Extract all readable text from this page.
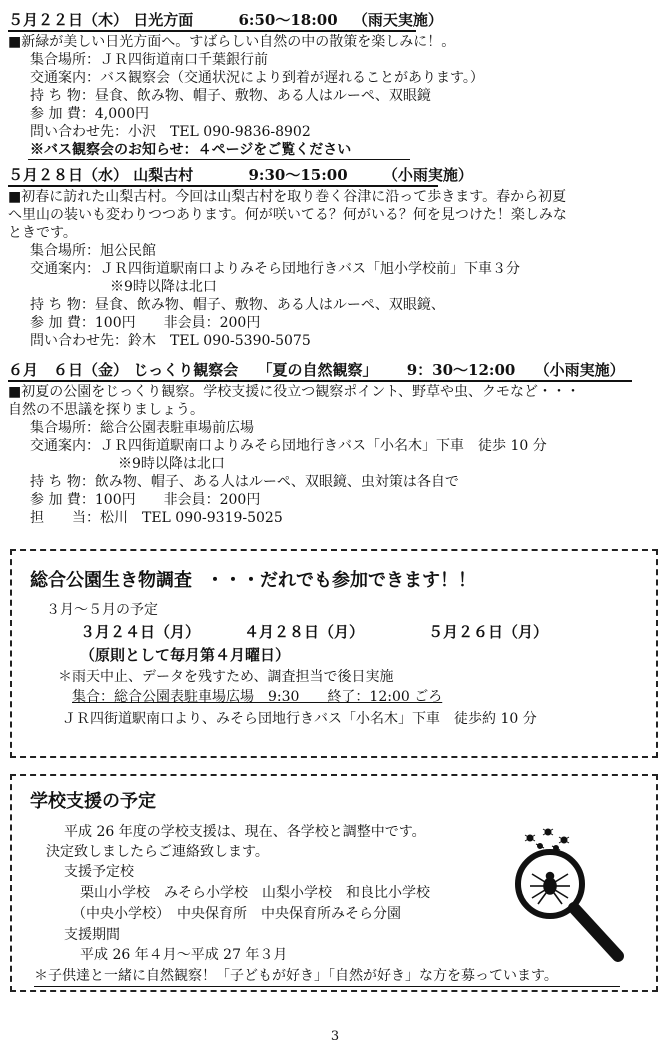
５月２２日（木） 日光方面	6:50～18:00 （雨天実施）
■新緑が美しい日光方面へ。すばらしい自然の中の散策を楽しみに！。
集合場所：ＪＲ四街道南口千葉銀行前
交通案内：バス観察会（交通状況により到着が遅れることがあります。）
持 ち 物：昼食、飲み物、帽子、敷物、ある人はルーペ、双眼鏡
参 加 費：4,000円
問い合わせ先：小沢　TEL 090-9836-8902
※バス観察会のお知らせ：４ページをご覧ください
５月２８日（水） 山梨古村	9:30～15:00 （小雨実施）
■初春に訪れた山梨古村。今回は山梨古村を取り巻く谷津に沿って歩きます。春から初夏
へ里山の装いも変わりつつあります。何が咲いてる？何がいる？何を見つけた！楽しみな
ときです。
集合場所：旭公民館
交通案内：ＪＲ四街道駅南口よりみそら団地行きバス「旭小学校前」下車３分
※9時以降は北口
持 ち 物：昼食、飲み物、帽子、敷物、ある人はルーペ、双眼鏡、
参 加 費：100円　　非会員：200円
問い合わせ先：鈴木　TEL 090-5390-5075
６月　６日（金） じっくり観察会 「夏の自然観察」 9：30～12:00 （小雨実施）
■初夏の公園をじっくり観察。学校支援に役立つ観察ポイント、野草や虫、クモなど・・・
自然の不思議を探りましょう。
集合場所：総合公園表駐車場前広場
交通案内：ＪＲ四街道駅南口よりみそら団地行きバス「小名木」下車　徒歩 10 分
※9時以降は北口
持 ち 物：飲み物、帽子、ある人はルーペ、双眼鏡、虫対策は各自で
参 加 費：100円　　非会員：200円
担　　当：松川　TEL 090-9319-5025
総合公園生き物調査 ・・・だれでも参加できます！！
３月～５月の予定
３月２４日（月）	４月２８日（月）	５月２６日（月）
（原則として毎月第４月曜日）
＊雨天中止、データを残すため、調査担当で後日実施
集合：総合公園表駐車場広場　9:30　　終了：12:00 ごろ
ＪＲ四街道駅南口より、みそら団地行きバス「小名木」下車　徒歩約 10 分
学校支援の予定
平成 26 年度の学校支援は、現在、各学校と調整中です。
決定致しましたらご連絡致します。
支援予定校
栗山小学校　みそら小学校　山梨小学校　和良比小学校
（中央小学校）　中央保育所　中央保育所みそら分園
支援期間
平成 26 年４月～平成 27 年３月
＊子供達と一緒に自然観察！「子どもが好き」「自然が好き」な方を募っています。
3
